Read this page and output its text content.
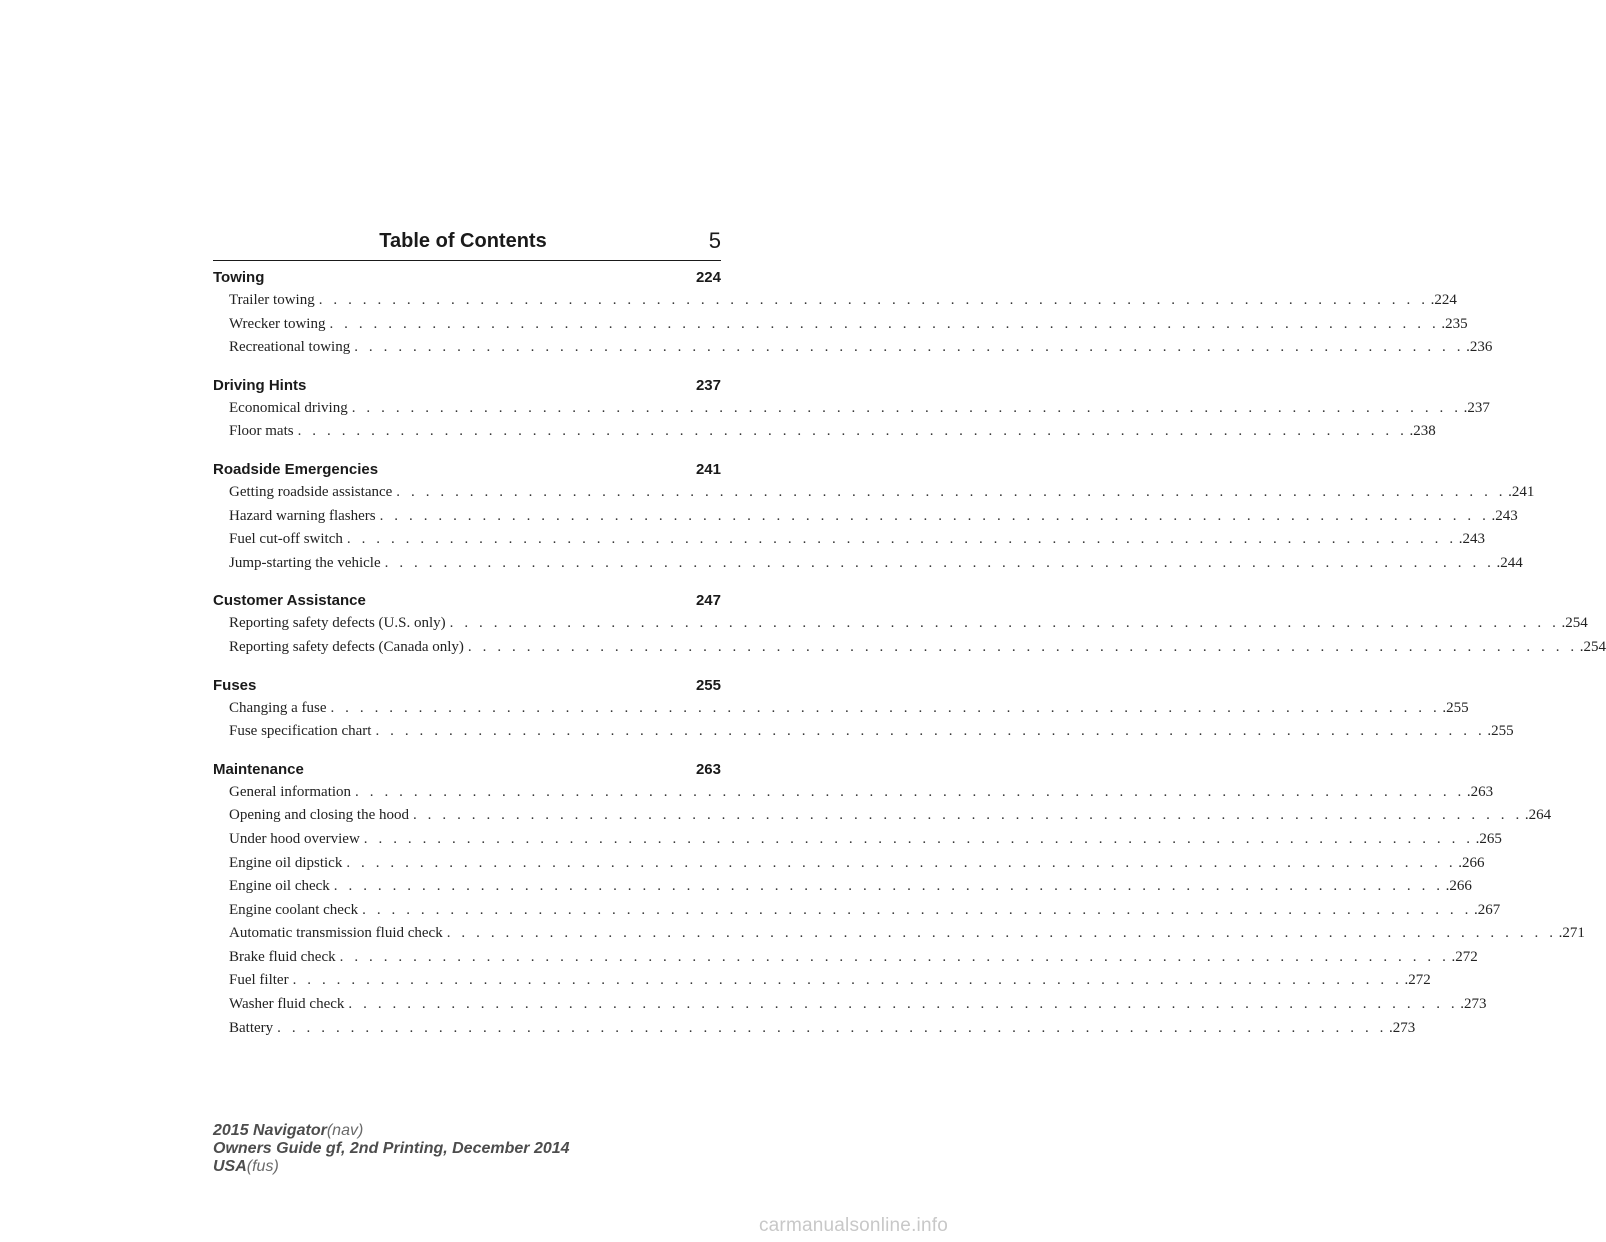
Table of Contents	5
Towing	224
Trailer towing . . . . . . . . . . . . . . . . . . . . . . . . . . . . . . . . . . . . . . . . . . . . . . . . . . . . . . . . . . . . . . . . . . . . . . . . . . . . .224
Wrecker towing . . . . . . . . . . . . . . . . . . . . . . . . . . . . . . . . . . . . . . . . . . . . . . . . . . . . . . . . . . . . . . . . . . . . . . . . . . . . .235
Recreational towing . . . . . . . . . . . . . . . . . . . . . . . . . . . . . . . . . . . . . . . . . . . . . . . . . . . . . . . . . . . . . . . . . . . . . . . . . . . . .236
Driving Hints	237
Economical driving . . . . . . . . . . . . . . . . . . . . . . . . . . . . . . . . . . . . . . . . . . . . . . . . . . . . . . . . . . . . . . . . . . . . . . . . . . . . .237
Floor mats . . . . . . . . . . . . . . . . . . . . . . . . . . . . . . . . . . . . . . . . . . . . . . . . . . . . . . . . . . . . . . . . . . . . . . . . . . . . .238
Roadside Emergencies	241
Getting roadside assistance . . . . . . . . . . . . . . . . . . . . . . . . . . . . . . . . . . . . . . . . . . . . . . . . . . . . . . . . . . . . . . . . . . . . . . . . . . . . .241
Hazard warning flashers . . . . . . . . . . . . . . . . . . . . . . . . . . . . . . . . . . . . . . . . . . . . . . . . . . . . . . . . . . . . . . . . . . . . . . . . . . . . .243
Fuel cut-off switch . . . . . . . . . . . . . . . . . . . . . . . . . . . . . . . . . . . . . . . . . . . . . . . . . . . . . . . . . . . . . . . . . . . . . . . . . . . . .243
Jump-starting the vehicle . . . . . . . . . . . . . . . . . . . . . . . . . . . . . . . . . . . . . . . . . . . . . . . . . . . . . . . . . . . . . . . . . . . . . . . . . . . . .244
Customer Assistance	247
Reporting safety defects (U.S. only) . . . . . . . . . . . . . . . . . . . . . . . . . . . . . . . . . . . . . . . . . . . . . . . . . . . . . . . . . . . . . . . . . . . . . . . . . . . . .254
Reporting safety defects (Canada only) . . . . . . . . . . . . . . . . . . . . . . . . . . . . . . . . . . . . . . . . . . . . . . . . . . . . . . . . . . . . . . . . . . . . . . . . . . . . .254
Fuses	255
Changing a fuse . . . . . . . . . . . . . . . . . . . . . . . . . . . . . . . . . . . . . . . . . . . . . . . . . . . . . . . . . . . . . . . . . . . . . . . . . . . . .255
Fuse specification chart . . . . . . . . . . . . . . . . . . . . . . . . . . . . . . . . . . . . . . . . . . . . . . . . . . . . . . . . . . . . . . . . . . . . . . . . . . . . .255
Maintenance	263
General information . . . . . . . . . . . . . . . . . . . . . . . . . . . . . . . . . . . . . . . . . . . . . . . . . . . . . . . . . . . . . . . . . . . . . . . . . . . . .263
Opening and closing the hood . . . . . . . . . . . . . . . . . . . . . . . . . . . . . . . . . . . . . . . . . . . . . . . . . . . . . . . . . . . . . . . . . . . . . . . . . . . . .264
Under hood overview . . . . . . . . . . . . . . . . . . . . . . . . . . . . . . . . . . . . . . . . . . . . . . . . . . . . . . . . . . . . . . . . . . . . . . . . . . . . .265
Engine oil dipstick . . . . . . . . . . . . . . . . . . . . . . . . . . . . . . . . . . . . . . . . . . . . . . . . . . . . . . . . . . . . . . . . . . . . . . . . . . . . .266
Engine oil check . . . . . . . . . . . . . . . . . . . . . . . . . . . . . . . . . . . . . . . . . . . . . . . . . . . . . . . . . . . . . . . . . . . . . . . . . . . . .266
Engine coolant check . . . . . . . . . . . . . . . . . . . . . . . . . . . . . . . . . . . . . . . . . . . . . . . . . . . . . . . . . . . . . . . . . . . . . . . . . . . . .267
Automatic transmission fluid check . . . . . . . . . . . . . . . . . . . . . . . . . . . . . . . . . . . . . . . . . . . . . . . . . . . . . . . . . . . . . . . . . . . . . . . . . . . . .271
Brake fluid check . . . . . . . . . . . . . . . . . . . . . . . . . . . . . . . . . . . . . . . . . . . . . . . . . . . . . . . . . . . . . . . . . . . . . . . . . . . . .272
Fuel filter . . . . . . . . . . . . . . . . . . . . . . . . . . . . . . . . . . . . . . . . . . . . . . . . . . . . . . . . . . . . . . . . . . . . . . . . . . . . .272
Washer fluid check . . . . . . . . . . . . . . . . . . . . . . . . . . . . . . . . . . . . . . . . . . . . . . . . . . . . . . . . . . . . . . . . . . . . . . . . . . . . .273
Battery . . . . . . . . . . . . . . . . . . . . . . . . . . . . . . . . . . . . . . . . . . . . . . . . . . . . . . . . . . . . . . . . . . . . . . . . . . . . .273
2015 Navigator(nav)
Owners Guide gf, 2nd Printing, December 2014
USA(fus)
carmanualsonline.info
